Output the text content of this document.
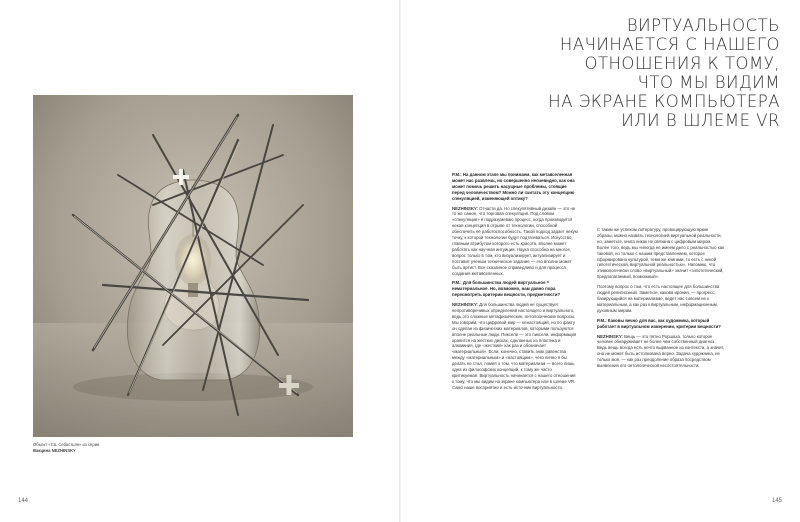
Объект «Св. Себастьян» из серии
Вакцина NEZHINSKY
ВИРТУАЛЬНОСТЬ
НАЧИНАЕТСЯ С НАШЕГО
ОТНОШЕНИЯ К ТОМУ,
ЧТО МЫ ВИДИМ
НА ЭКРАНЕ КОМПЬЮТЕРА
ИЛИ В ШЛЕМЕ VR

P.M.: На данном этапе мы понимаем, как метавселенная может нас развлечь, но совершенно неочевидно, как она может помочь решить насущные проблемы, стоящие перед человечеством? Можно ли считать эту концепцию спекуляцией, изменяющей оптику?

NEZHINSKY: Отчасти да. Но спекулятивный дизайн — это не то же самое, что торговая спекуляция. Под словом «спекуляция» я подразумеваю процесс, когда производится некая концепция в отрыве от технологии, способной обеспечить ее работоспособность. Такой подход задает некую точку, к которой технологии будут подтягиваться. Искусство, главным атрибутом которого есть красота, вполне может работать как научная интуиция. Наука способна на многое, вопрос только в том, кто визуализирует, актуализирует и поставит ученым техническое задание — это вполне может быть артист. Все сказанное справедливо и для процесса создания метавселенных.

P.M.: Для большинства людей виртуальное = нематериальное. Но, возможно, нам давно пора пересмотреть критерии вещности, предметности?

NEZHINSKY: Для большинства людей не существует непротиворечивых определений настоящего и виртуального, ведь это сложные метафизические, онтологические вопросы. Мы говорим, что цифровой мир — ненастоящий, но по факту он сделан из физических материалов, которыми пользуются вполне реальные люди. Пиксели — это пиксели, информация хранится на жестких дисках, сделанных из пластика и алюминия, где «жесткий» как раз и обозначает «материальный». Если, конечно, ставить знак равенства между «материальным» и «настоящим», чего лично я бы делать не стал, помня о том, что материализм — всего лишь одна из философских концепций, к тому же часто критикуемая. Виртуальность начинается с нашего отношения к тому, что мы видим на экране компьютера или в шлеме VR. Само наше восприятие и есть источник виртуальности.

С таким же успехом литературу, провоцирующую яркие образы, можно назвать технологией виртуальной реальности, но, заметьте, книга никак не связана с цифровым миром. Более того, ведь мы «иногда не имеем дело с реальностью как таковой, но только с нашим представлением, которое сформировано культурой, теми же книгами, то есть с некой гипотетической, виртуальной реальностью». Напомню, что этимологически слово «виртуальный» значит «гипотетический, предполагаемый, возможный».

Поэтому вопрос о том, что есть настоящее для большинства людей религиозный. Заметьте, какова ирония, — прогресс, базирующийся на материализме, ведет нас совсем не к материальным, а как раз к виртуальным, информационным, духовным мирам.

P.M.: Каковы вечно для вас, как художника, который работает в виртуальном измерении, критерии вещности?

NEZHINSKY: Вещь — это пятно Роршаха, только которое человек обнаруживает не более чем собственный диагноз. Ведь вещь всегда есть нечто вырванное из контекста, а значит, она не может быть истолкована верно. Задача художника, не только моя, — как раз преодоление образа посредством выявления его онтологической несостоятельности.

144	145
